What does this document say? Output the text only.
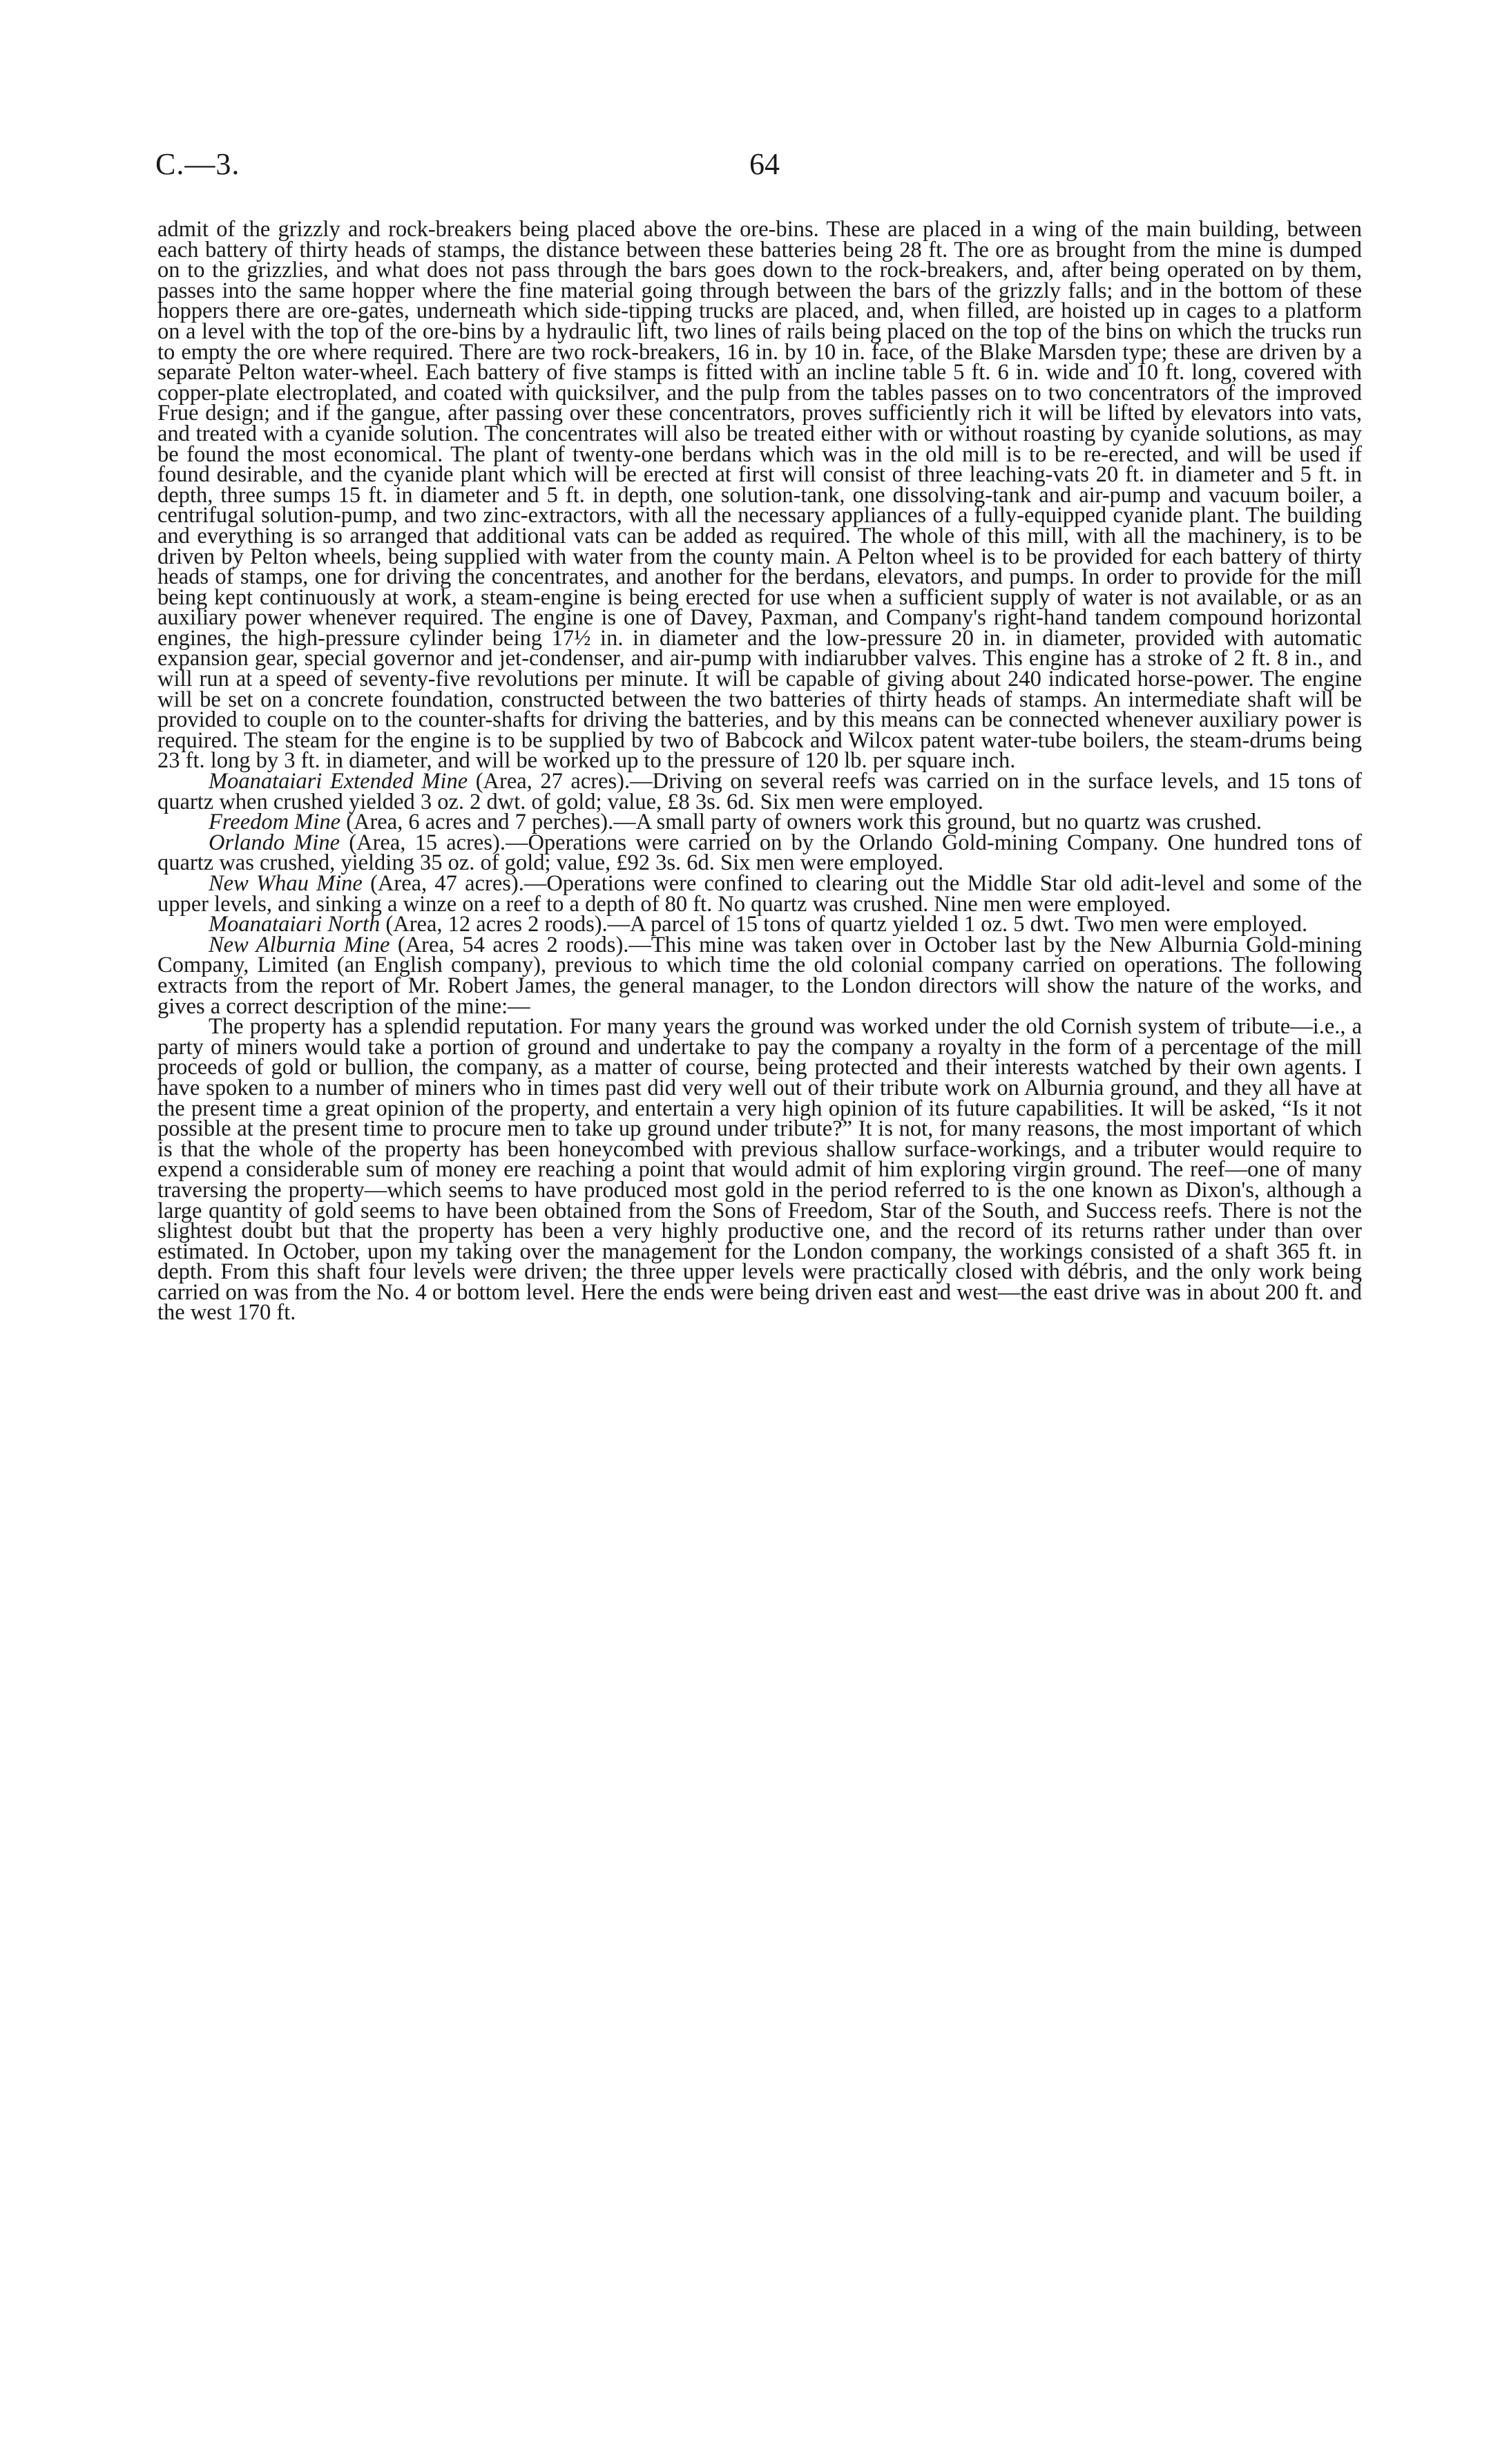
C.—3.	64

admit of the grizzly and rock-breakers being placed above the ore-bins. These are placed in a wing of the main building, between each battery of thirty heads of stamps, the distance between these batteries being 28 ft. The ore as brought from the mine is dumped on to the grizzlies, and what does not pass through the bars goes down to the rock-breakers, and, after being operated on by them, passes into the same hopper where the fine material going through between the bars of the grizzly falls; and in the bottom of these hoppers there are ore-gates, underneath which side-tipping trucks are placed, and, when filled, are hoisted up in cages to a platform on a level with the top of the ore-bins by a hydraulic lift, two lines of rails being placed on the top of the bins on which the trucks run to empty the ore where required. There are two rock-breakers, 16 in. by 10 in. face, of the Blake Marsden type; these are driven by a separate Pelton water-wheel. Each battery of five stamps is fitted with an incline table 5 ft. 6 in. wide and 10 ft. long, covered with copper-plate electroplated, and coated with quicksilver, and the pulp from the tables passes on to two concentrators of the improved Frue design; and if the gangue, after passing over these concentrators, proves sufficiently rich it will be lifted by elevators into vats, and treated with a cyanide solution. The concentrates will also be treated either with or without roasting by cyanide solutions, as may be found the most economical. The plant of twenty-one berdans which was in the old mill is to be re-erected, and will be used if found desirable, and the cyanide plant which will be erected at first will consist of three leaching-vats 20 ft. in diameter and 5 ft. in depth, three sumps 15 ft. in diameter and 5 ft. in depth, one solution-tank, one dissolving-tank and air-pump and vacuum boiler, a centrifugal solution-pump, and two zinc-extractors, with all the necessary appliances of a fully-equipped cyanide plant. The building and everything is so arranged that additional vats can be added as required. The whole of this mill, with all the machinery, is to be driven by Pelton wheels, being supplied with water from the county main. A Pelton wheel is to be provided for each battery of thirty heads of stamps, one for driving the concentrates, and another for the berdans, elevators, and pumps. In order to provide for the mill being kept continuously at work, a steam-engine is being erected for use when a sufficient supply of water is not available, or as an auxiliary power whenever required. The engine is one of Davey, Paxman, and Company's right-hand tandem compound horizontal engines, the high-pressure cylinder being 17½ in. in diameter and the low-pressure 20 in. in diameter, provided with automatic expansion gear, special governor and jet-condenser, and air-pump with indiarubber valves. This engine has a stroke of 2 ft. 8 in., and will run at a speed of seventy-five revolutions per minute. It will be capable of giving about 240 indicated horse-power. The engine will be set on a concrete foundation, constructed between the two batteries of thirty heads of stamps. An intermediate shaft will be provided to couple on to the counter-shafts for driving the batteries, and by this means can be connected whenever auxiliary power is required. The steam for the engine is to be supplied by two of Babcock and Wilcox patent water-tube boilers, the steam-drums being 23 ft. long by 3 ft. in diameter, and will be worked up to the pressure of 120 lb. per square inch.

Moanataiari Extended Mine (Area, 27 acres).—Driving on several reefs was carried on in the surface levels, and 15 tons of quartz when crushed yielded 3 oz. 2 dwt. of gold; value, £8 3s. 6d. Six men were employed.

Freedom Mine (Area, 6 acres and 7 perches).—A small party of owners work this ground, but no quartz was crushed.

Orlando Mine (Area, 15 acres).—Operations were carried on by the Orlando Gold-mining Company. One hundred tons of quartz was crushed, yielding 35 oz. of gold; value, £92 3s. 6d. Six men were employed.

New Whau Mine (Area, 47 acres).—Operations were confined to clearing out the Middle Star old adit-level and some of the upper levels, and sinking a winze on a reef to a depth of 80 ft. No quartz was crushed. Nine men were employed.

Moanataiari North (Area, 12 acres 2 roods).—A parcel of 15 tons of quartz yielded 1 oz. 5 dwt. Two men were employed.

New Alburnia Mine (Area, 54 acres 2 roods).—This mine was taken over in October last by the New Alburnia Gold-mining Company, Limited (an English company), previous to which time the old colonial company carried on operations. The following extracts from the report of Mr. Robert James, the general manager, to the London directors will show the nature of the works, and gives a correct description of the mine:—

The property has a splendid reputation. For many years the ground was worked under the old Cornish system of tribute—i.e., a party of miners would take a portion of ground and undertake to pay the company a royalty in the form of a percentage of the mill proceeds of gold or bullion, the company, as a matter of course, being protected and their interests watched by their own agents. I have spoken to a number of miners who in times past did very well out of their tribute work on Alburnia ground, and they all have at the present time a great opinion of the property, and entertain a very high opinion of its future capabilities. It will be asked, “Is it not possible at the present time to procure men to take up ground under tribute?” It is not, for many reasons, the most important of which is that the whole of the property has been honeycombed with previous shallow surface-workings, and a tributer would require to expend a considerable sum of money ere reaching a point that would admit of him exploring virgin ground. The reef—one of many traversing the property—which seems to have produced most gold in the period referred to is the one known as Dixon's, although a large quantity of gold seems to have been obtained from the Sons of Freedom, Star of the South, and Success reefs. There is not the slightest doubt but that the property has been a very highly productive one, and the record of its returns rather under than over estimated. In October, upon my taking over the management for the London company, the workings consisted of a shaft 365 ft. in depth. From this shaft four levels were driven; the three upper levels were practically closed with débris, and the only work being carried on was from the No. 4 or bottom level. Here the ends were being driven east and west—the east drive was in about 200 ft. and the west 170 ft.
